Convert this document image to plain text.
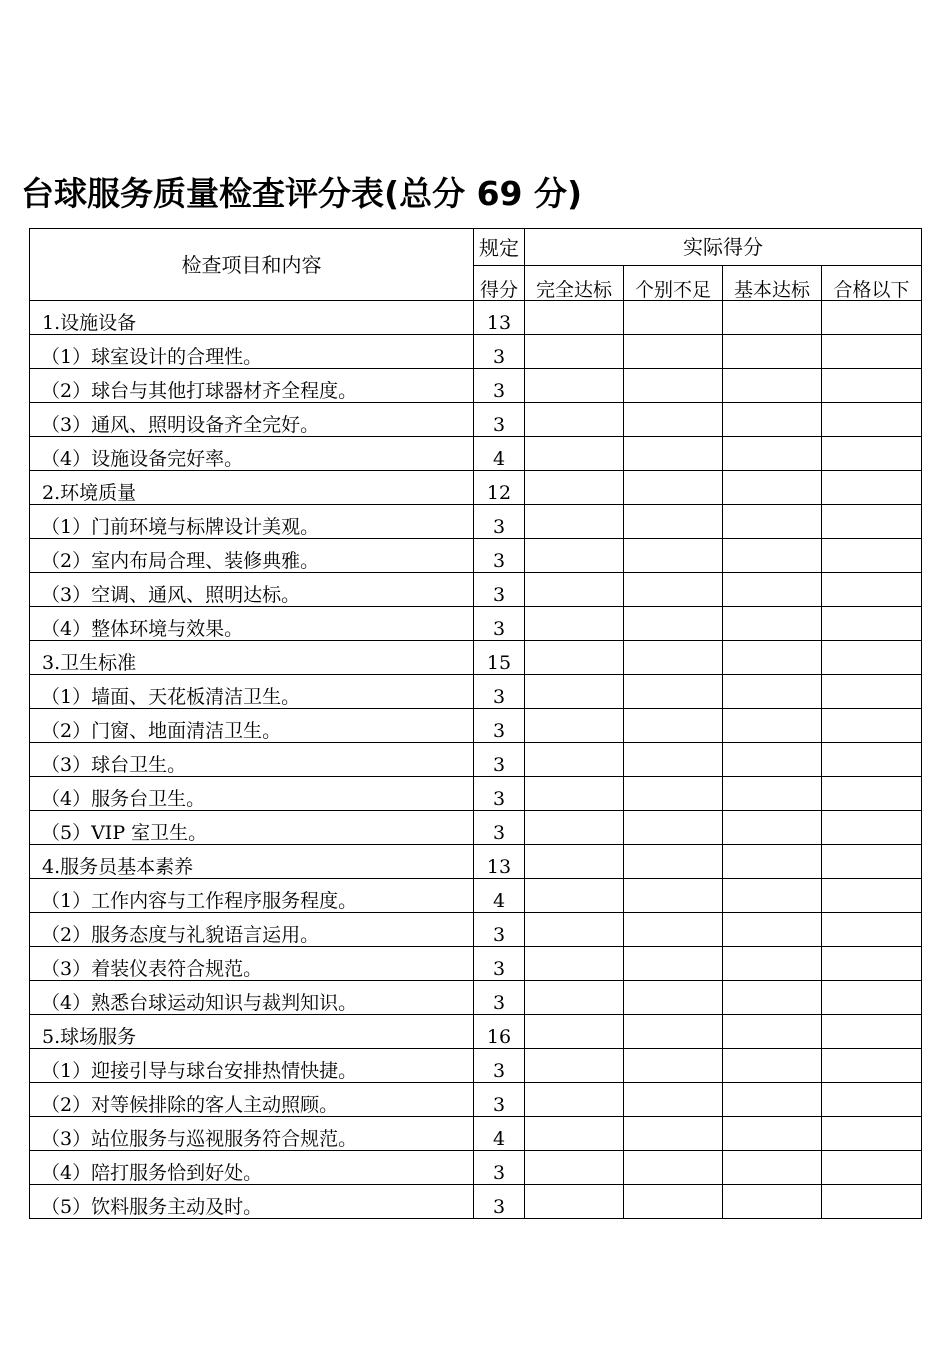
台球服务质量检查评分表(总分 69 分)
检查项目和内容	规定	实际得分			
	得分	完全达标	个别不足	基本达标	合格以下
1.设施设备	13				
（1）球室设计的合理性。	3				
（2）球台与其他打球器材齐全程度。	3				
（3）通风、照明设备齐全完好。	3				
（4）设施设备完好率。	4				
2.环境质量	12				
（1）门前环境与标牌设计美观。	3				
（2）室内布局合理、装修典雅。	3				
（3）空调、通风、照明达标。	3				
（4）整体环境与效果。	3				
3.卫生标准	15				
（1）墙面、天花板清洁卫生。	3				
（2）门窗、地面清洁卫生。	3				
（3）球台卫生。	3				
（4）服务台卫生。	3				
（5）VIP 室卫生。	3				
4.服务员基本素养	13				
（1）工作内容与工作程序服务程度。	4				
（2）服务态度与礼貌语言运用。	3				
（3）着装仪表符合规范。	3				
（4）熟悉台球运动知识与裁判知识。	3				
5.球场服务	16				
（1）迎接引导与球台安排热情快捷。	3				
（2）对等候排除的客人主动照顾。	3				
（3）站位服务与巡视服务符合规范。	4				
（4）陪打服务恰到好处。	3				
（5）饮料服务主动及时。	3				
